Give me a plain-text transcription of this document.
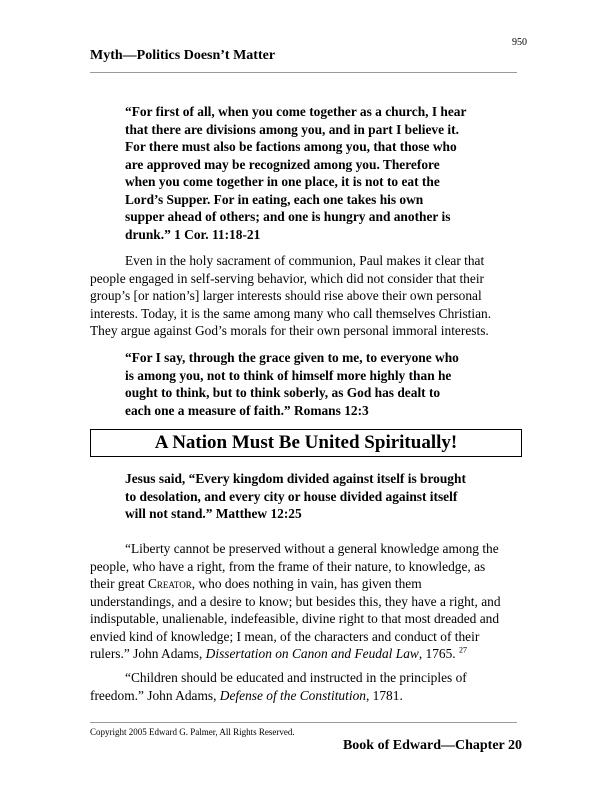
950
Myth—Politics Doesn’t Matter

“For first of all, when you come together as a church, I hear
that there are divisions among you, and in part I believe it.
For there must also be factions among you, that those who
are approved may be recognized among you. Therefore
when you come together in one place, it is not to eat the
Lord’s Supper. For in eating, each one takes his own
supper ahead of others; and one is hungry and another is
drunk.” 1 Cor. 11:18-21

Even in the holy sacrament of communion, Paul makes it clear that
people engaged in self-serving behavior, which did not consider that their
group’s [or nation’s] larger interests should rise above their own personal
interests. Today, it is the same among many who call themselves Christian.
They argue against God’s morals for their own personal immoral interests.

“For I say, through the grace given to me, to everyone who
is among you, not to think of himself more highly than he
ought to think, but to think soberly, as God has dealt to
each one a measure of faith.” Romans 12:3

A Nation Must Be United Spiritually!

Jesus said, “Every kingdom divided against itself is brought
to desolation, and every city or house divided against itself
will not stand.” Matthew 12:25

“Liberty cannot be preserved without a general knowledge among the
people, who have a right, from the frame of their nature, to knowledge, as
their great Creator, who does nothing in vain, has given them
understandings, and a desire to know; but besides this, they have a right, and
indisputable, unalienable, indefeasible, divine right to that most dreaded and
envied kind of knowledge; I mean, of the characters and conduct of their
rulers.” John Adams, Dissertation on Canon and Feudal Law, 1765. $^{27}$

“Children should be educated and instructed in the principles of
freedom.” John Adams, Defense of the Constitution, 1781.

Copyright 2005 Edward G. Palmer, All Rights Reserved.
Book of Edward—Chapter 20
